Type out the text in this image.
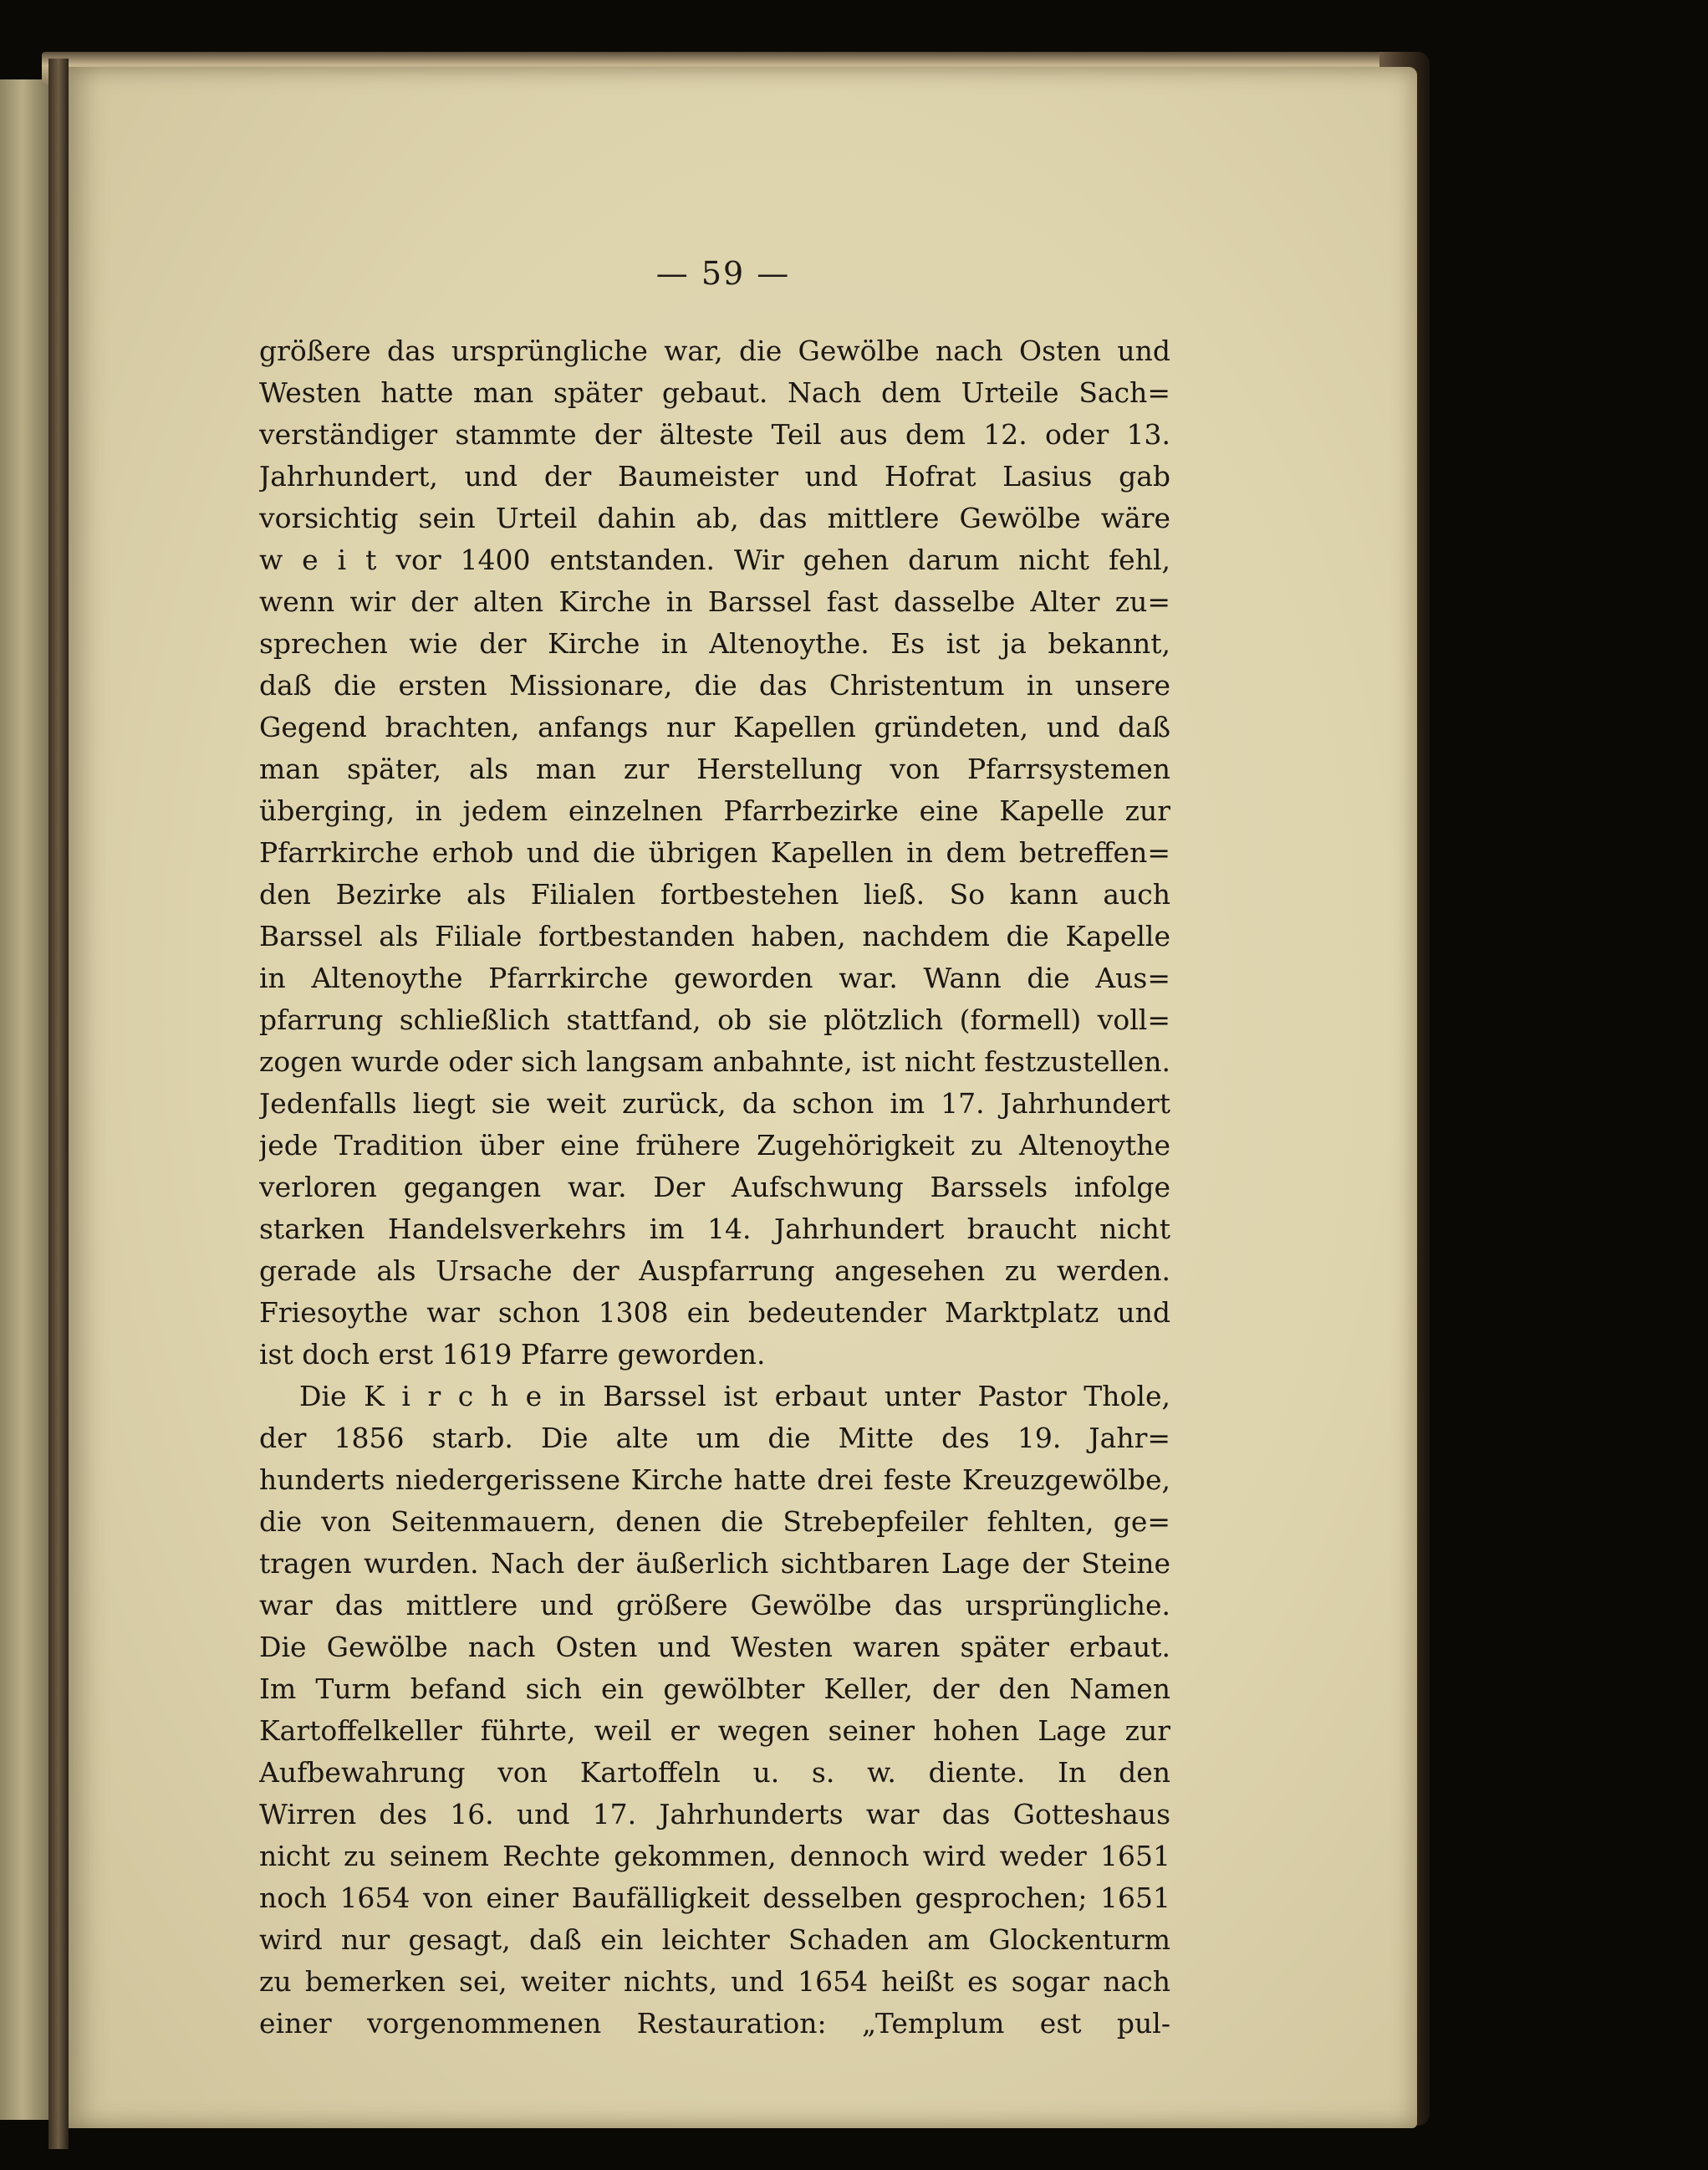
— 59 —
größere das ursprüngliche war, die Gewölbe nach Osten und
Westen hatte man später gebaut. Nach dem Urteile Sach=
verständiger stammte der älteste Teil aus dem 12. oder 13.
Jahrhundert, und der Baumeister und Hofrat Lasius gab
vorsichtig sein Urteil dahin ab, das mittlere Gewölbe wäre
w e i t vor 1400 entstanden. Wir gehen darum nicht fehl,
wenn wir der alten Kirche in Barssel fast dasselbe Alter zu=
sprechen wie der Kirche in Altenoythe. Es ist ja bekannt,
daß die ersten Missionare, die das Christentum in unsere
Gegend brachten, anfangs nur Kapellen gründeten, und daß
man später, als man zur Herstellung von Pfarrsystemen
überging, in jedem einzelnen Pfarrbezirke eine Kapelle zur
Pfarrkirche erhob und die übrigen Kapellen in dem betreffen=
den Bezirke als Filialen fortbestehen ließ. So kann auch
Barssel als Filiale fortbestanden haben, nachdem die Kapelle
in Altenoythe Pfarrkirche geworden war. Wann die Aus=
pfarrung schließlich stattfand, ob sie plötzlich (formell) voll=
zogen wurde oder sich langsam anbahnte, ist nicht festzustellen.
Jedenfalls liegt sie weit zurück, da schon im 17. Jahrhundert
jede Tradition über eine frühere Zugehörigkeit zu Altenoythe
verloren gegangen war. Der Aufschwung Barssels infolge
starken Handelsverkehrs im 14. Jahrhundert braucht nicht
gerade als Ursache der Auspfarrung angesehen zu werden.
Friesoythe war schon 1308 ein bedeutender Marktplatz und
ist doch erst 1619 Pfarre geworden.
Die K i r c h e in Barssel ist erbaut unter Pastor Thole,
der 1856 starb. Die alte um die Mitte des 19. Jahr=
hunderts niedergerissene Kirche hatte drei feste Kreuzgewölbe,
die von Seitenmauern, denen die Strebepfeiler fehlten, ge=
tragen wurden. Nach der äußerlich sichtbaren Lage der Steine
war das mittlere und größere Gewölbe das ursprüngliche.
Die Gewölbe nach Osten und Westen waren später erbaut.
Im Turm befand sich ein gewölbter Keller, der den Namen
Kartoffelkeller führte, weil er wegen seiner hohen Lage zur
Aufbewahrung von Kartoffeln u. s. w. diente. In den
Wirren des 16. und 17. Jahrhunderts war das Gotteshaus
nicht zu seinem Rechte gekommen, dennoch wird weder 1651
noch 1654 von einer Baufälligkeit desselben gesprochen; 1651
wird nur gesagt, daß ein leichter Schaden am Glockenturm
zu bemerken sei, weiter nichts, und 1654 heißt es sogar nach
einer vorgenommenen Restauration: „Templum est pul-
